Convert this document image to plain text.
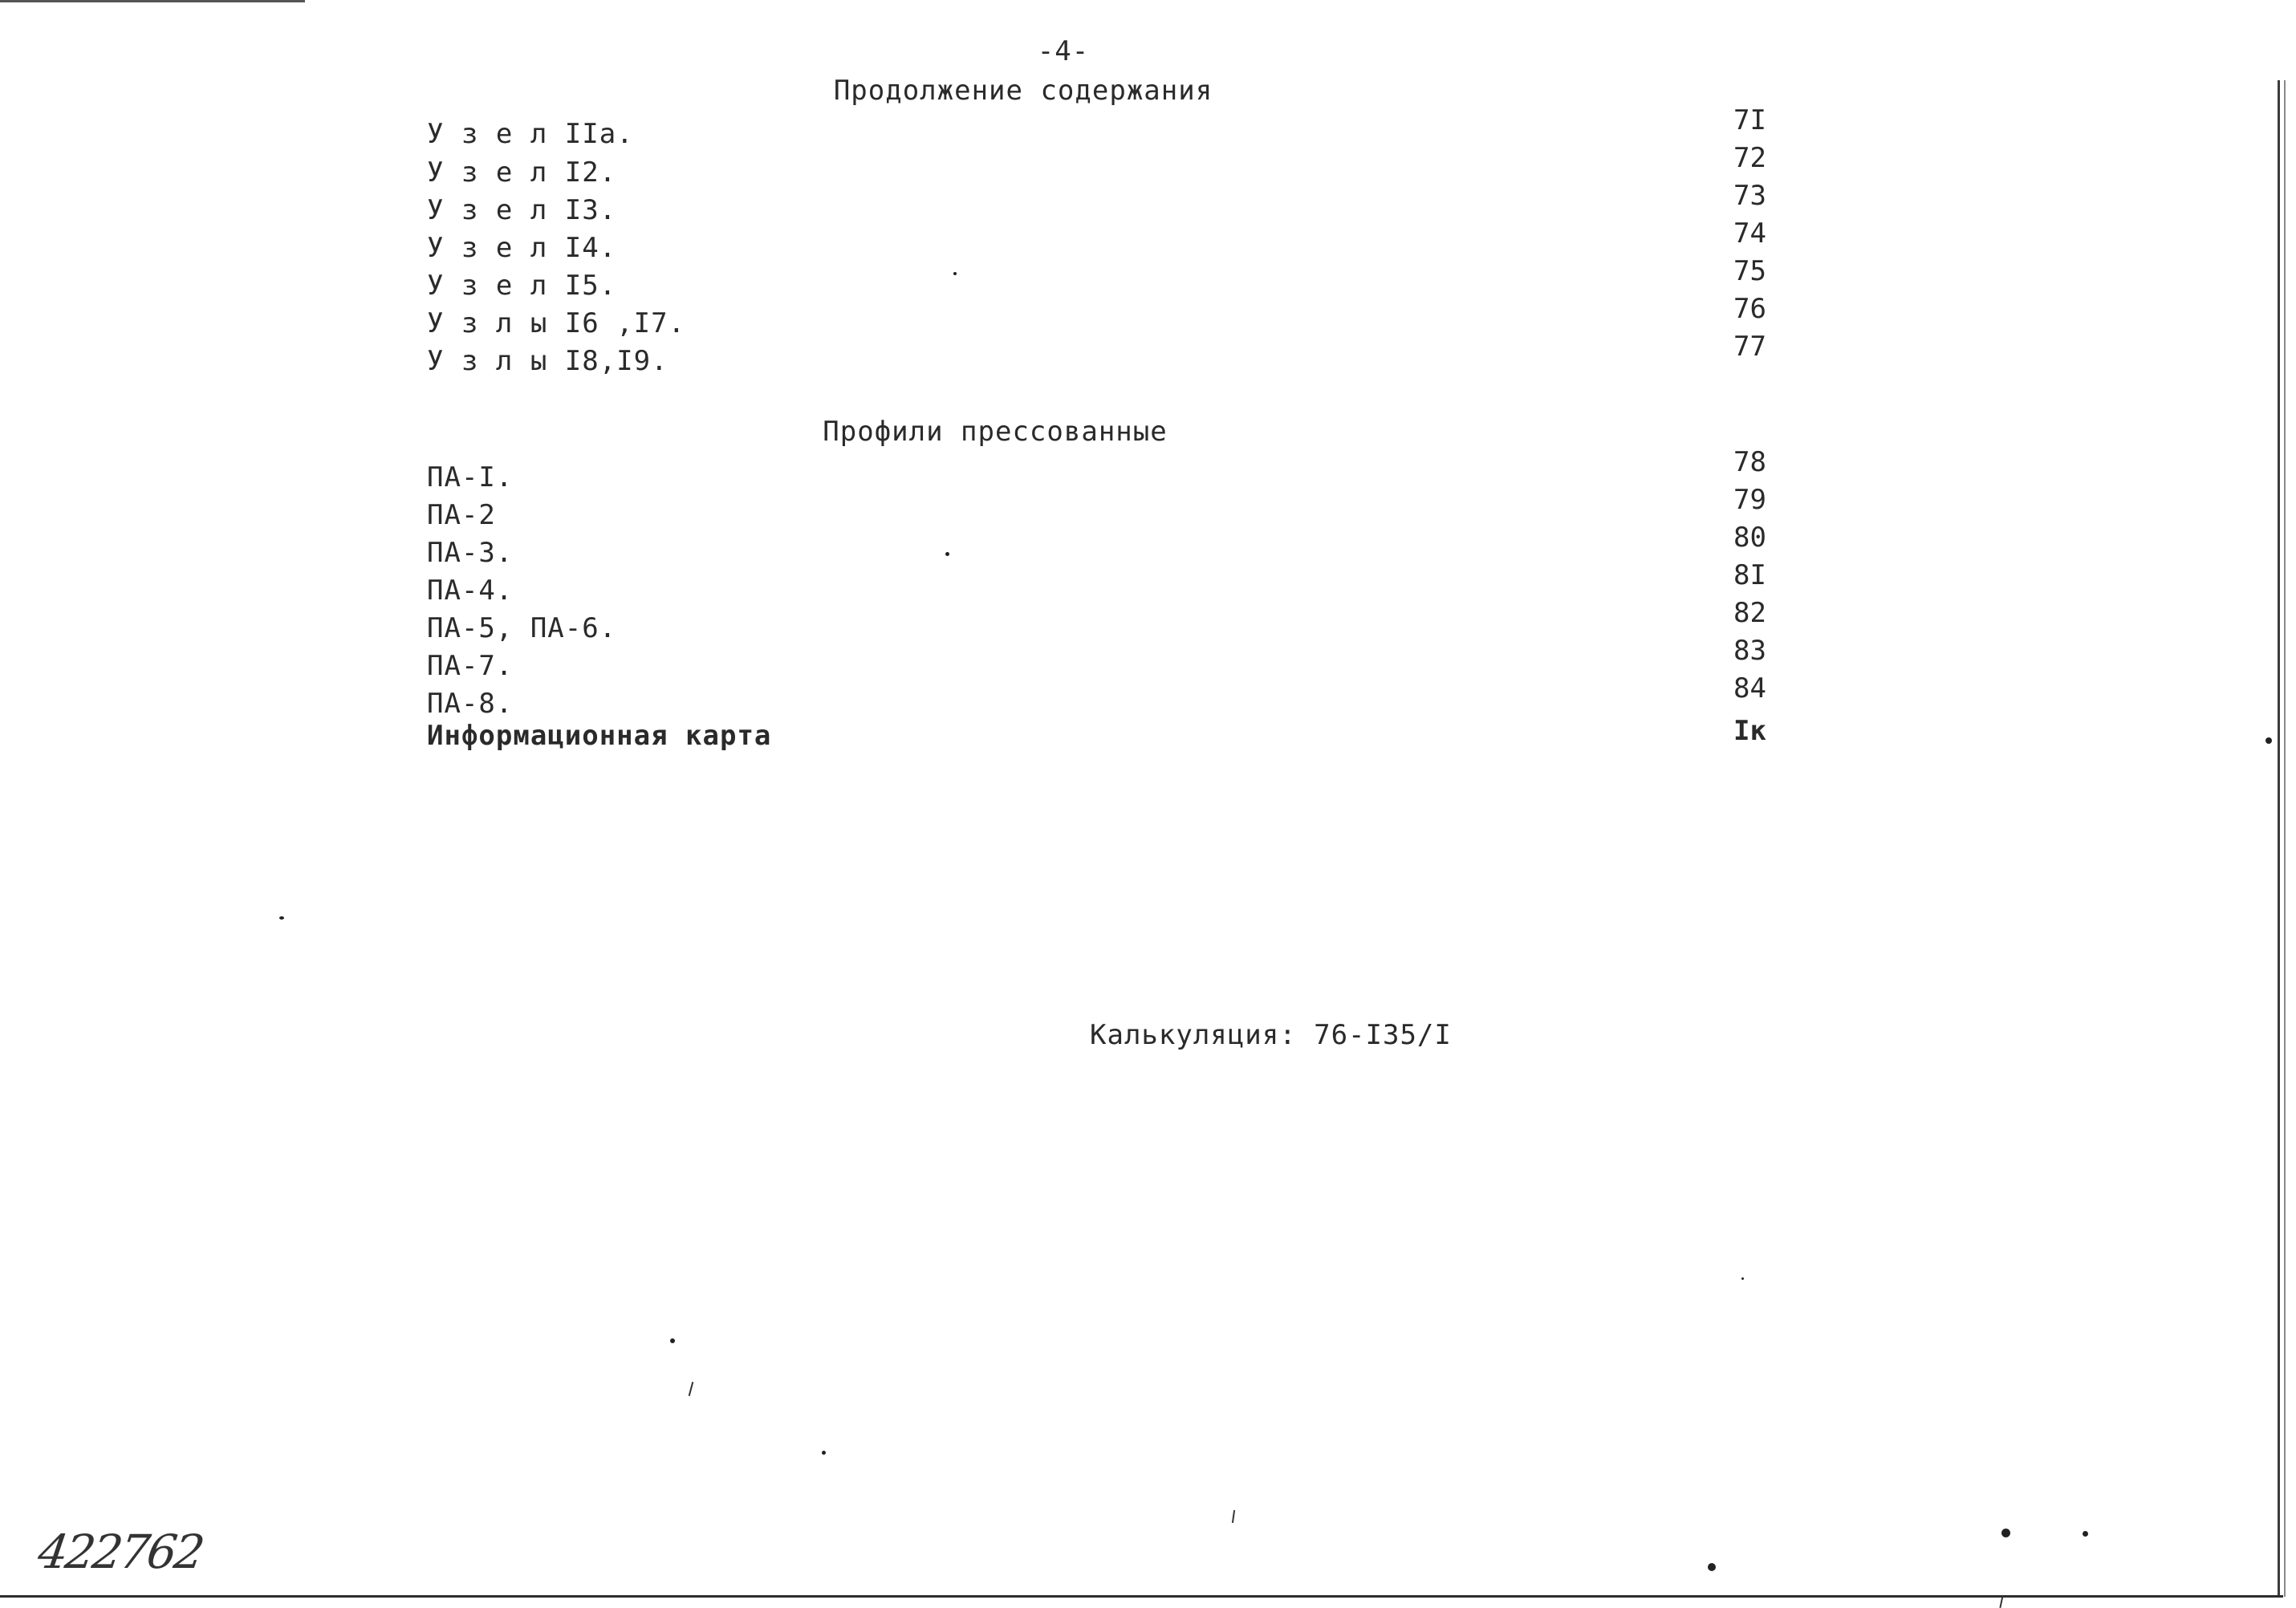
-4-
Продолжение содержания
У з е л IIа.	7I
У з е л I2.	72
У з е л I3.	73
У з е л I4.	74
У з е л I5.	75
У з л ы I6 ,I7.	76
У з л ы I8,I9.	77
Профили прессованные
ПА-I.	78
ПА-2	79
ПА-3.	80
ПА-4.	8I
ПА-5, ПА-6.	82
ПА-7.	83
ПА-8.	84
Информационная карта	Iк
Калькуляция: 76-I35/I
422762
